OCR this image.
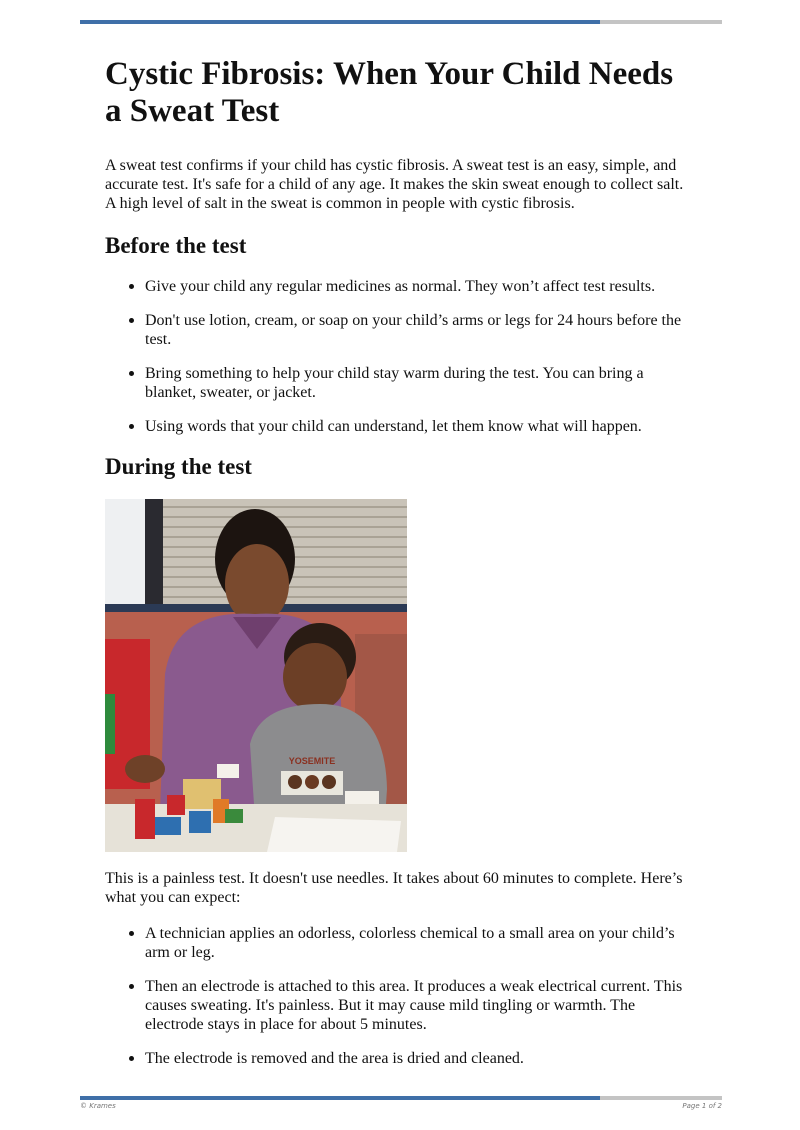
Cystic Fibrosis: When Your Child Needs a Sweat Test

A sweat test confirms if your child has cystic fibrosis. A sweat test is an easy, simple, and accurate test. It's safe for a child of any age. It makes the skin sweat enough to collect salt. A high level of salt in the sweat is common in people with cystic fibrosis.

Before the test
Give your child any regular medicines as normal. They won’t affect test results.
Don't use lotion, cream, or soap on your child’s arms or legs for 24 hours before the test.
Bring something to help your child stay warm during the test. You can bring a blanket, sweater, or jacket.
Using words that your child can understand, let them know what will happen.
During the test
YOSEMITE

This is a painless test. It doesn't use needles. It takes about 60 minutes to complete. Here’s what you can expect:

A technician applies an odorless, colorless chemical to a small area on your child’s arm or leg.
Then an electrode is attached to this area. It produces a weak electrical current. This causes sweating. It's painless. But it may cause mild tingling or warmth. The electrode stays in place for about 5 minutes.
The electrode is removed and the area is dried and cleaned.
© Krames	Page 1 of 2
